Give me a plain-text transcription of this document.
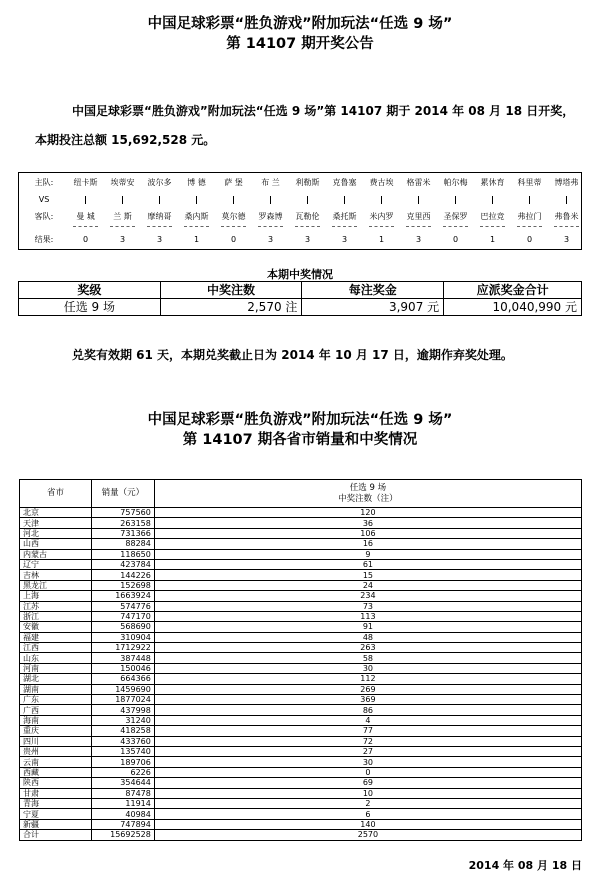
中国足球彩票“胜负游戏”附加玩法“任选 9 场”
第 14107 期开奖公告
中国足球彩票“胜负游戏”附加玩法“任选 9 场”第 14107 期于 2014 年 08 月 18 日开奖，
本期投注总额 15,692,528 元。
主队:	纽卡斯	埃蒂安	波尔多	博 德	萨 堡	布 兰	利勒斯	克鲁塞	费古埃	格雷米	帕尔梅	累休育	科里蒂	博塔弗
VS
客队:	曼 城	兰 斯	摩纳哥	桑内斯	莫尔德	罗森博	瓦勒伦	桑托斯	米内罗	克里西	圣保罗	巴拉竞	弗拉门	弗鲁米
结果:	0	3	3	1	0	3	3	3	1	3	0	1	0	3
本期中奖情况
奖级	中奖注数	每注奖金	应派奖金合计
任选 9 场	2,570 注	3,907 元	10,040,990 元
兑奖有效期 61 天，本期兑奖截止日为 2014 年 10 月 17 日，逾期作弃奖处理。
中国足球彩票“胜负游戏”附加玩法“任选 9 场”
第 14107 期各省市销量和中奖情况
省市	销量（元）	任选 9 场
中奖注数（注）

北京	757560	120
天津	263158	36
河北	731366	106
山西	88284	16
内蒙古	118650	9
辽宁	423784	61
吉林	144226	15
黑龙江	152698	24
上海	1663924	234
江苏	574776	73
浙江	747170	113
安徽	568690	91
福建	310904	48
江西	1712922	263
山东	387448	58
河南	150046	30
湖北	664366	112
湖南	1459690	269
广东	1877024	369
广西	437998	86
海南	31240	4
重庆	418258	77
四川	433760	72
贵州	135740	27
云南	189706	30
西藏	6226	0
陕西	354644	69
甘肃	87478	10
青海	11914	2
宁夏	40984	6
新疆	747894	140
合计	15692528	2570
2014 年 08 月 18 日
